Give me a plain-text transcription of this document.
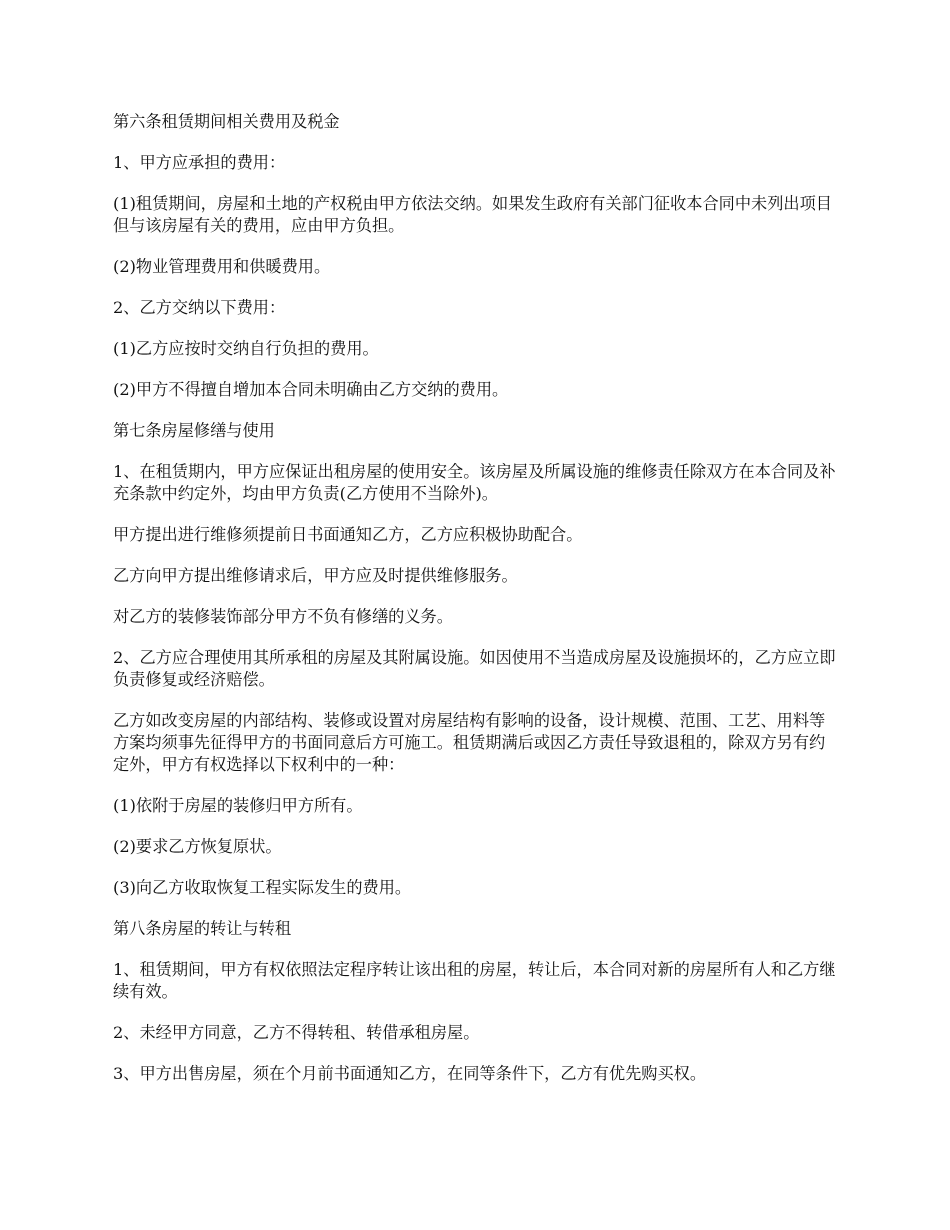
第六条租赁期间相关费用及税金

1、甲方应承担的费用：

(1)租赁期间，房屋和土地的产权税由甲方依法交纳。如果发生政府有关部门征收本合同中未列出项目但与该房屋有关的费用，应由甲方负担。

(2)物业管理费用和供暖费用。

2、乙方交纳以下费用：

(1)乙方应按时交纳自行负担的费用。

(2)甲方不得擅自增加本合同未明确由乙方交纳的费用。

第七条房屋修缮与使用

1、在租赁期内，甲方应保证出租房屋的使用安全。该房屋及所属设施的维修责任除双方在本合同及补充条款中约定外，均由甲方负责(乙方使用不当除外)。

甲方提出进行维修须提前日书面通知乙方，乙方应积极协助配合。

乙方向甲方提出维修请求后，甲方应及时提供维修服务。

对乙方的装修装饰部分甲方不负有修缮的义务。

2、乙方应合理使用其所承租的房屋及其附属设施。如因使用不当造成房屋及设施损坏的，乙方应立即负责修复或经济赔偿。

乙方如改变房屋的内部结构、装修或设置对房屋结构有影响的设备，设计规模、范围、工艺、用料等方案均须事先征得甲方的书面同意后方可施工。租赁期满后或因乙方责任导致退租的，除双方另有约定外，甲方有权选择以下权利中的一种：

(1)依附于房屋的装修归甲方所有。

(2)要求乙方恢复原状。

(3)向乙方收取恢复工程实际发生的费用。

第八条房屋的转让与转租

1、租赁期间，甲方有权依照法定程序转让该出租的房屋，转让后，本合同对新的房屋所有人和乙方继续有效。

2、未经甲方同意，乙方不得转租、转借承租房屋。

3、甲方出售房屋，须在个月前书面通知乙方，在同等条件下，乙方有优先购买权。
